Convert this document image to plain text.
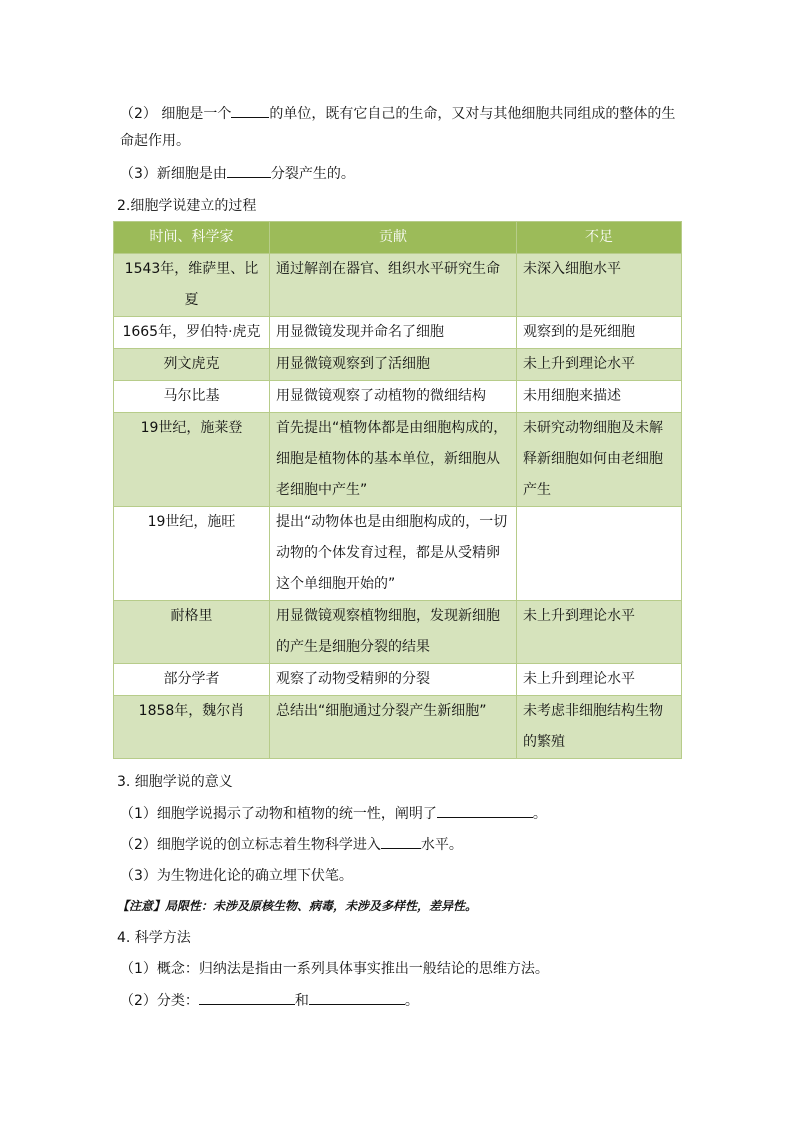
（2） 细胞是一个	的单位，既有它自己的生命，又对与其他细胞共同组成的整体的生
命起作用。
（3）新细胞是由	分裂产生的。
2.细胞学说建立的过程
时间、科学家	贡献	不足
1543年，维萨里、比夏	通过解剖在器官、组织水平研究生命	未深入细胞水平
1665年，罗伯特·虎克	用显微镜发现并命名了细胞	观察到的是死细胞
列文虎克	用显微镜观察到了活细胞	未上升到理论水平
马尔比基	用显微镜观察了动植物的微细结构	未用细胞来描述
19世纪，施莱登	首先提出“植物体都是由细胞构成的，细胞是植物体的基本单位，新细胞从老细胞中产生”	未研究动物细胞及未解释新细胞如何由老细胞产生
19世纪，施旺	提出“动物体也是由细胞构成的，一切动物的个体发育过程，都是从受精卵这个单细胞开始的”	
耐格里	用显微镜观察植物细胞，发现新细胞的产生是细胞分裂的结果	未上升到理论水平
部分学者	观察了动物受精卵的分裂	未上升到理论水平
1858年，魏尔肖	总结出“细胞通过分裂产生新细胞”	未考虑非细胞结构生物的繁殖
3. 细胞学说的意义
（1）细胞学说揭示了动物和植物的统一性，阐明了	。
（2）细胞学说的创立标志着生物科学进入	水平。
（3）为生物进化论的确立埋下伏笔。
【注意】局限性：未涉及原核生物、病毒，未涉及多样性，差异性。
4. 科学方法
（1）概念：归纳法是指由一系列具体事实推出一般结论的思维方法。
（2）分类：	和	。
